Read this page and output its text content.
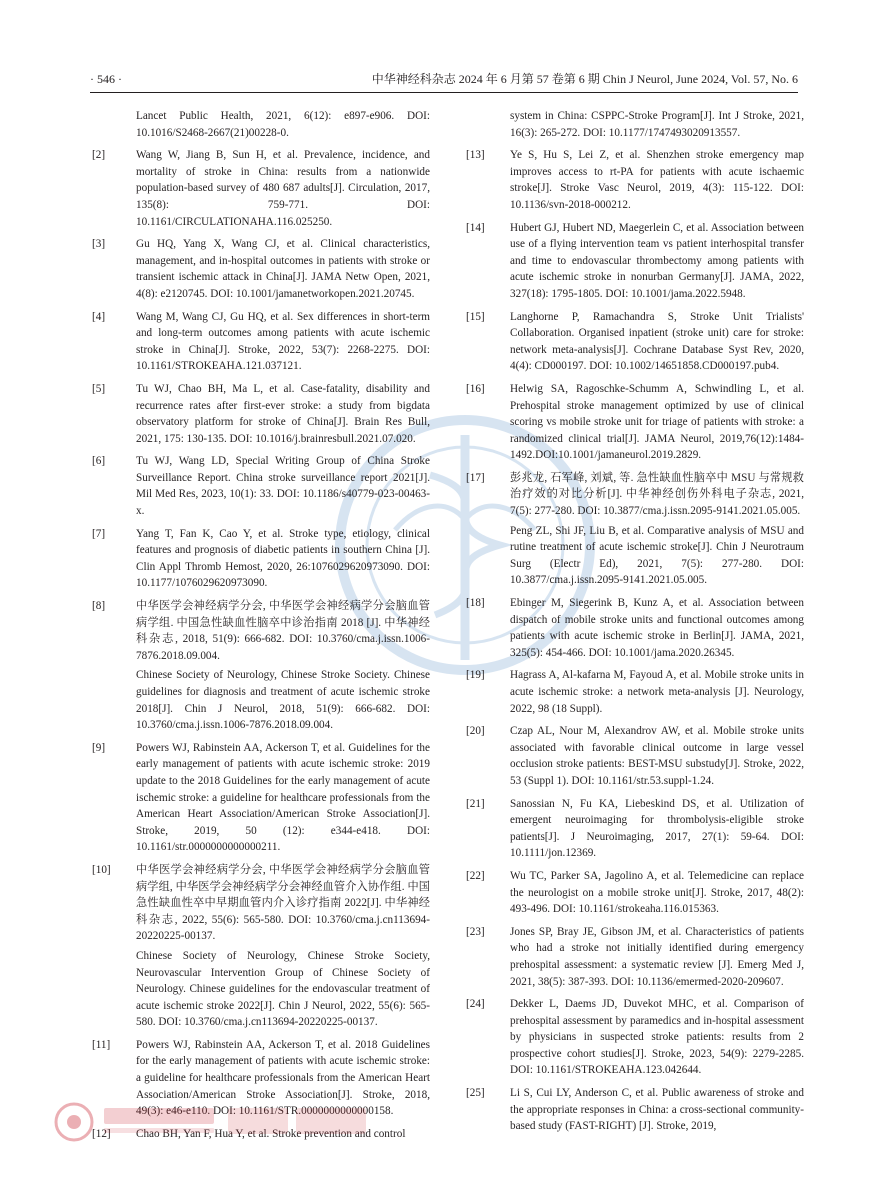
· 546 ·	中华神经科杂志 2024 年 6 月第 57 卷第 6 期 Chin J Neurol, June 2024, Vol. 57, No. 6

Lancet Public Health, 2021, 6(12): e897-e906. DOI: 10.1016/S2468-2667(21)00228-0.

[2]	Wang W, Jiang B, Sun H, et al. Prevalence, incidence, and mortality of stroke in China: results from a nationwide population-based survey of 480 687 adults[J]. Circulation, 2017, 135(8): 759-771. DOI: 10.1161/CIRCULATIONAHA.116.025250.

[3]	Gu HQ, Yang X, Wang CJ, et al. Clinical characteristics, management, and in-hospital outcomes in patients with stroke or transient ischemic attack in China[J]. JAMA Netw Open, 2021, 4(8): e2120745. DOI: 10.1001/jamanetworkopen.2021.20745.

[4]	Wang M, Wang CJ, Gu HQ, et al. Sex differences in short-term and long-term outcomes among patients with acute ischemic stroke in China[J]. Stroke, 2022, 53(7): 2268-2275. DOI: 10.1161/STROKEAHA.121.037121.

[5]	Tu WJ, Chao BH, Ma L, et al. Case-fatality, disability and recurrence rates after first-ever stroke: a study from bigdata observatory platform for stroke of China[J]. Brain Res Bull, 2021, 175: 130-135. DOI: 10.1016/j.brainresbull.2021.07.020.

[6]	Tu WJ, Wang LD, Special Writing Group of China Stroke Surveillance Report. China stroke surveillance report 2021[J]. Mil Med Res, 2023, 10(1): 33. DOI: 10.1186/s40779-023-00463-x.

[7]	Yang T, Fan K, Cao Y, et al. Stroke type, etiology, clinical features and prognosis of diabetic patients in southern China [J]. Clin Appl Thromb Hemost, 2020, 26:1076029620973090. DOI: 10.1177/1076029620973090.

[8]	中华医学会神经病学分会, 中华医学会神经病学分会脑血管病学组. 中国急性缺血性脑卒中诊治指南 2018 [J]. 中华神经科杂志, 2018, 51(9): 666-682. DOI: 10.3760/cma.j.issn.1006-7876.2018.09.004.

Chinese Society of Neurology, Chinese Stroke Society. Chinese guidelines for diagnosis and treatment of acute ischemic stroke 2018[J]. Chin J Neurol, 2018, 51(9): 666-682. DOI: 10.3760/cma.j.issn.1006-7876.2018.09.004.

[9]	Powers WJ, Rabinstein AA, Ackerson T, et al. Guidelines for the early management of patients with acute ischemic stroke: 2019 update to the 2018 Guidelines for the early management of acute ischemic stroke: a guideline for healthcare professionals from the American Heart Association/American Stroke Association[J]. Stroke, 2019, 50 (12): e344-e418. DOI: 10.1161/str.0000000000000211.

[10] 中华医学会神经病学分会, 中华医学会神经病学分会脑血管病学组, 中华医学会神经病学分会神经血管介入协作组. 中国急性缺血性卒中早期血管内介入诊疗指南 2022[J]. 中华神经科杂志, 2022, 55(6): 565-580. DOI: 10.3760/cma.j.cn113694-20220225-00137.

Chinese Society of Neurology, Chinese Stroke Society, Neurovascular Intervention Group of Chinese Society of Neurology. Chinese guidelines for the endovascular treatment of acute ischemic stroke 2022[J]. Chin J Neurol, 2022, 55(6): 565-580. DOI: 10.3760/cma.j.cn113694-20220225-00137.

[11] Powers WJ, Rabinstein AA, Ackerson T, et al. 2018 Guidelines for the early management of patients with acute ischemic stroke: a guideline for healthcare professionals from the American Heart Association/American Stroke Association[J]. Stroke, 2018, 49(3): e46-e110. DOI: 10.1161/STR.0000000000000158.

[12] Chao BH, Yan F, Hua Y, et al. Stroke prevention and control

system in China: CSPPC-Stroke Program[J]. Int J Stroke, 2021, 16(3): 265-272. DOI: 10.1177/1747493020913557.

[13] Ye S, Hu S, Lei Z, et al. Shenzhen stroke emergency map improves access to rt-PA for patients with acute ischaemic stroke[J]. Stroke Vasc Neurol, 2019, 4(3): 115-122. DOI: 10.1136/svn-2018-000212.

[14] Hubert GJ, Hubert ND, Maegerlein C, et al. Association between use of a flying intervention team vs patient interhospital transfer and time to endovascular thrombectomy among patients with acute ischemic stroke in nonurban Germany[J]. JAMA, 2022, 327(18): 1795-1805. DOI: 10.1001/jama.2022.5948.

[15] Langhorne P, Ramachandra S, Stroke Unit Trialists' Collaboration. Organised inpatient (stroke unit) care for stroke: network meta-analysis[J]. Cochrane Database Syst Rev, 2020, 4(4): CD000197. DOI: 10.1002/14651858.CD000197.pub4.

[16] Helwig SA, Ragoschke-Schumm A, Schwindling L, et al. Prehospital stroke management optimized by use of clinical scoring vs mobile stroke unit for triage of patients with stroke: a randomized clinical trial[J]. JAMA Neurol, 2019,76(12):1484-1492.DOI:10.1001/jamaneurol.2019.2829.

[17] 彭兆龙, 石军峰, 刘斌, 等. 急性缺血性脑卒中 MSU 与常规救治疗效的对比分析[J]. 中华神经创伤外科电子杂志, 2021, 7(5): 277-280. DOI: 10.3877/cma.j.issn.2095-9141.2021.05.005.

Peng ZL, Shi JF, Liu B, et al. Comparative analysis of MSU and rutine treatment of acute ischemic stroke[J]. Chin J Neurotraum Surg (Electr Ed), 2021, 7(5): 277-280. DOI: 10.3877/cma.j.issn.2095-9141.2021.05.005.

[18] Ebinger M, Siegerink B, Kunz A, et al. Association between dispatch of mobile stroke units and functional outcomes among patients with acute ischemic stroke in Berlin[J]. JAMA, 2021, 325(5): 454-466. DOI: 10.1001/jama.2020.26345.

[19] Hagrass A, Al-kafarna M, Fayoud A, et al. Mobile stroke units in acute ischemic stroke: a network meta-analysis [J]. Neurology, 2022, 98 (18 Suppl).

[20] Czap AL, Nour M, Alexandrov AW, et al. Mobile stroke units associated with favorable clinical outcome in large vessel occlusion stroke patients: BEST-MSU substudy[J]. Stroke, 2022, 53 (Suppl 1). DOI: 10.1161/str.53.suppl-1.24.

[21] Sanossian N, Fu KA, Liebeskind DS, et al. Utilization of emergent neuroimaging for thrombolysis-eligible stroke patients[J]. J Neuroimaging, 2017, 27(1): 59-64. DOI: 10.1111/jon.12369.

[22] Wu TC, Parker SA, Jagolino A, et al. Telemedicine can replace the neurologist on a mobile stroke unit[J]. Stroke, 2017, 48(2): 493-496. DOI: 10.1161/strokeaha.116.015363.

[23] Jones SP, Bray JE, Gibson JM, et al. Characteristics of patients who had a stroke not initially identified during emergency prehospital assessment: a systematic review [J]. Emerg Med J, 2021, 38(5): 387-393. DOI: 10.1136/emermed-2020-209607.

[24] Dekker L, Daems JD, Duvekot MHC, et al. Comparison of prehospital assessment by paramedics and in-hospital assessment by physicians in suspected stroke patients: results from 2 prospective cohort studies[J]. Stroke, 2023, 54(9): 2279-2285. DOI: 10.1161/STROKEAHA.123.042644.

[25] Li S, Cui LY, Anderson C, et al. Public awareness of stroke and the appropriate responses in China: a cross-sectional community-based study (FAST-RIGHT) [J]. Stroke, 2019,
